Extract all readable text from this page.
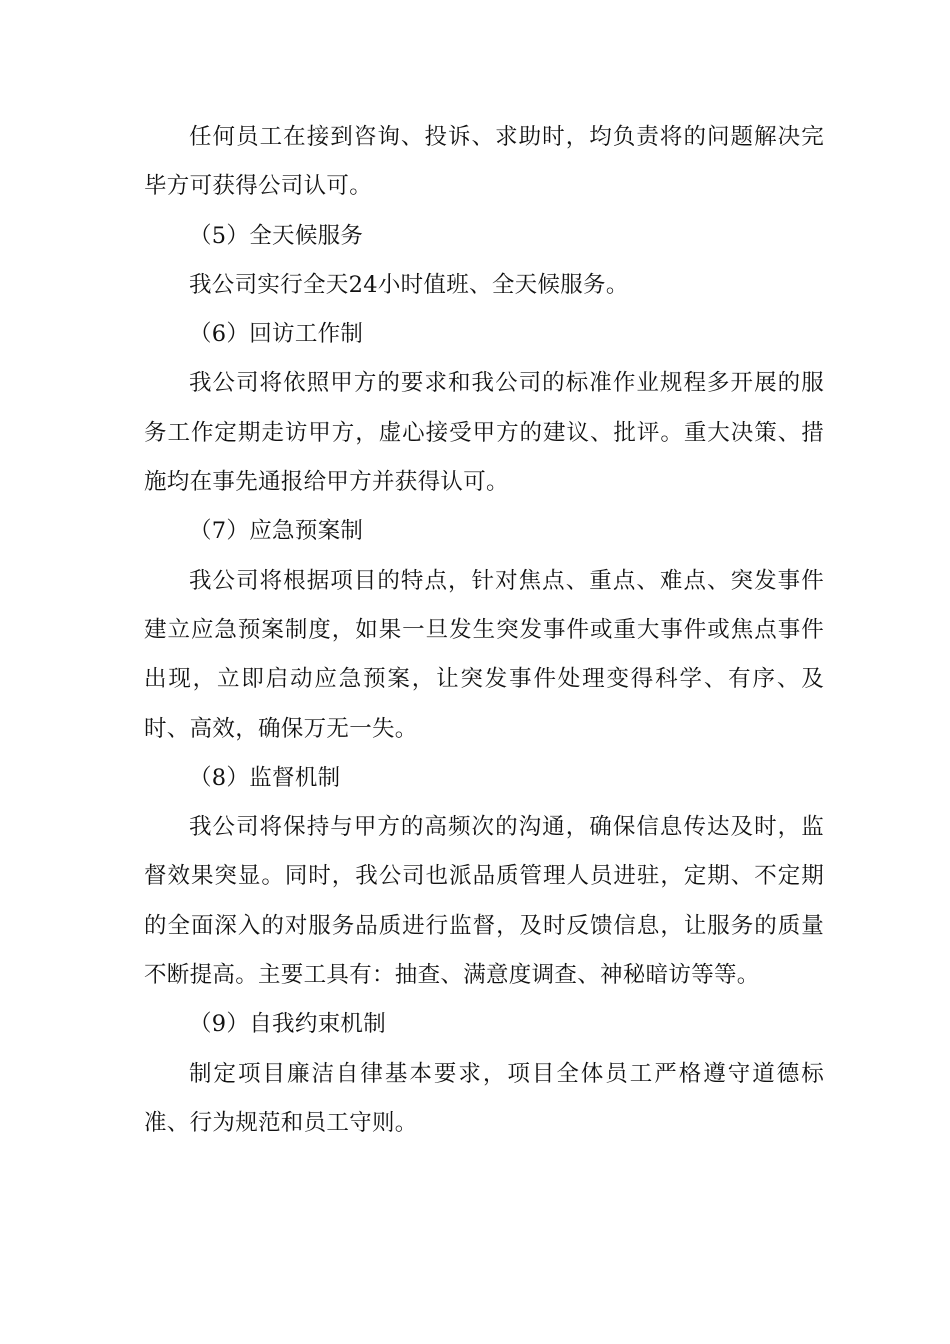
任何员工在接到咨询、投诉、求助时，均负责将的问题解决完毕方可获得公司认可。

（5）全天候服务

我公司实行全天24小时值班、全天候服务。

（6）回访工作制

我公司将依照甲方的要求和我公司的标准作业规程多开展的服务工作定期走访甲方，虚心接受甲方的建议、批评。重大决策、措施均在事先通报给甲方并获得认可。

（7）应急预案制

我公司将根据项目的特点，针对焦点、重点、难点、突发事件建立应急预案制度，如果一旦发生突发事件或重大事件或焦点事件出现，立即启动应急预案，让突发事件处理变得科学、有序、及时、高效，确保万无一失。

（8）监督机制

我公司将保持与甲方的高频次的沟通，确保信息传达及时，监督效果突显。同时，我公司也派品质管理人员进驻，定期、不定期的全面深入的对服务品质进行监督，及时反馈信息，让服务的质量不断提高。主要工具有：抽查、满意度调查、神秘暗访等等。

（9）自我约束机制

制定项目廉洁自律基本要求，项目全体员工严格遵守道德标准、行为规范和员工守则。
